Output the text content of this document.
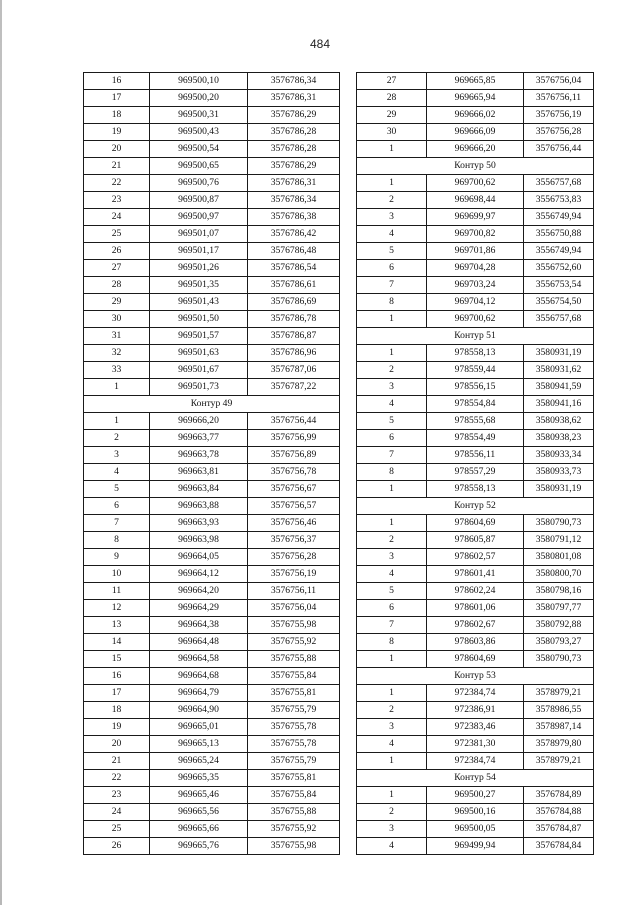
484
16	969500,10	3576786,34
17	969500,20	3576786,31
18	969500,31	3576786,29
19	969500,43	3576786,28
20	969500,54	3576786,28
21	969500,65	3576786,29
22	969500,76	3576786,31
23	969500,87	3576786,34
24	969500,97	3576786,38
25	969501,07	3576786,42
26	969501,17	3576786,48
27	969501,26	3576786,54
28	969501,35	3576786,61
29	969501,43	3576786,69
30	969501,50	3576786,78
31	969501,57	3576786,87
32	969501,63	3576786,96
33	969501,67	3576787,06
1	969501,73	3576787,22
Контур 49		
1	969666,20	3576756,44
2	969663,77	3576756,99
3	969663,78	3576756,89
4	969663,81	3576756,78
5	969663,84	3576756,67
6	969663,88	3576756,57
7	969663,93	3576756,46
8	969663,98	3576756,37
9	969664,05	3576756,28
10	969664,12	3576756,19
11	969664,20	3576756,11
12	969664,29	3576756,04
13	969664,38	3576755,98
14	969664,48	3576755,92
15	969664,58	3576755,88
16	969664,68	3576755,84
17	969664,79	3576755,81
18	969664,90	3576755,79
19	969665,01	3576755,78
20	969665,13	3576755,78
21	969665,24	3576755,79
22	969665,35	3576755,81
23	969665,46	3576755,84
24	969665,56	3576755,88
25	969665,66	3576755,92
26	969665,76	3576755,98
27	969665,85	3576756,04
28	969665,94	3576756,11
29	969666,02	3576756,19
30	969666,09	3576756,28
1	969666,20	3576756,44
Контур 50		
1	969700,62	3556757,68
2	969698,44	3556753,83
3	969699,97	3556749,94
4	969700,82	3556750,88
5	969701,86	3556749,94
6	969704,28	3556752,60
7	969703,24	3556753,54
8	969704,12	3556754,50
1	969700,62	3556757,68
Контур 51		
1	978558,13	3580931,19
2	978559,44	3580931,62
3	978556,15	3580941,59
4	978554,84	3580941,16
5	978555,68	3580938,62
6	978554,49	3580938,23
7	978556,11	3580933,34
8	978557,29	3580933,73
1	978558,13	3580931,19
Контур 52		
1	978604,69	3580790,73
2	978605,87	3580791,12
3	978602,57	3580801,08
4	978601,41	3580800,70
5	978602,24	3580798,16
6	978601,06	3580797,77
7	978602,67	3580792,88
8	978603,86	3580793,27
1	978604,69	3580790,73
Контур 53		
1	972384,74	3578979,21
2	972386,91	3578986,55
3	972383,46	3578987,14
4	972381,30	3578979,80
1	972384,74	3578979,21
Контур 54		
1	969500,27	3576784,89
2	969500,16	3576784,88
3	969500,05	3576784,87
4	969499,94	3576784,84
